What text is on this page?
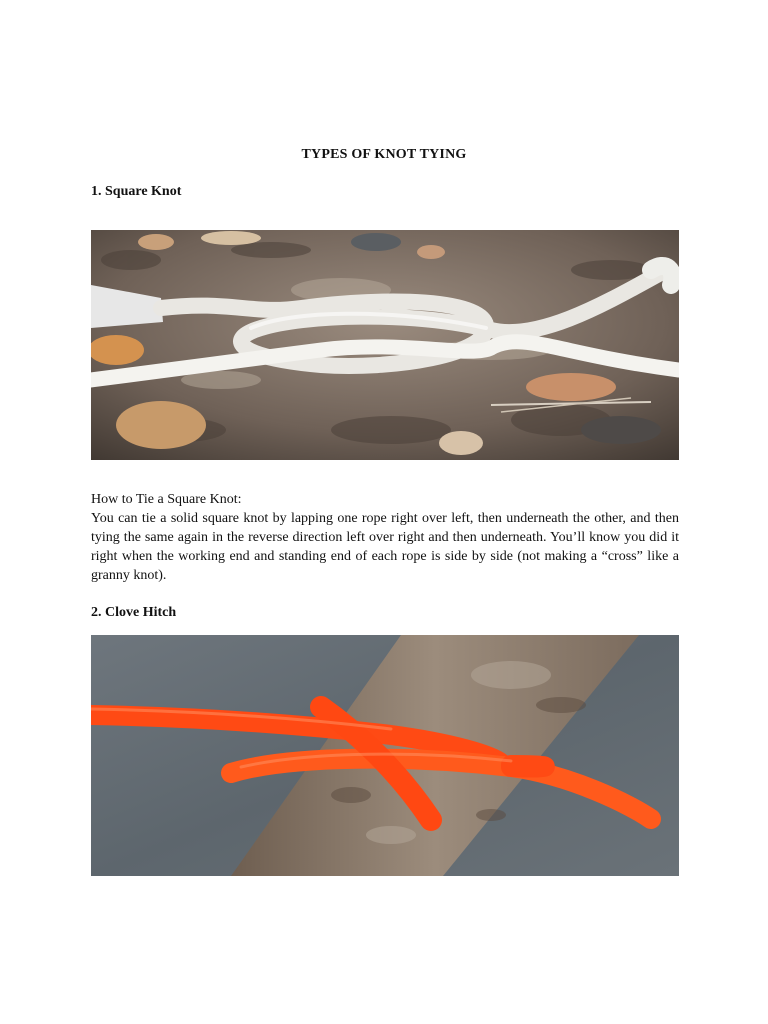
TYPES OF KNOT TYING
1. Square Knot

How to Tie a Square Knot:

You can tie a solid square knot by lapping one rope right over left, then underneath the other, and then tying the same again in the reverse direction left over right and then underneath. You’ll know you did it right when the working end and standing end of each rope is side by side (not making a “cross” like a granny knot).

2. Clove Hitch
